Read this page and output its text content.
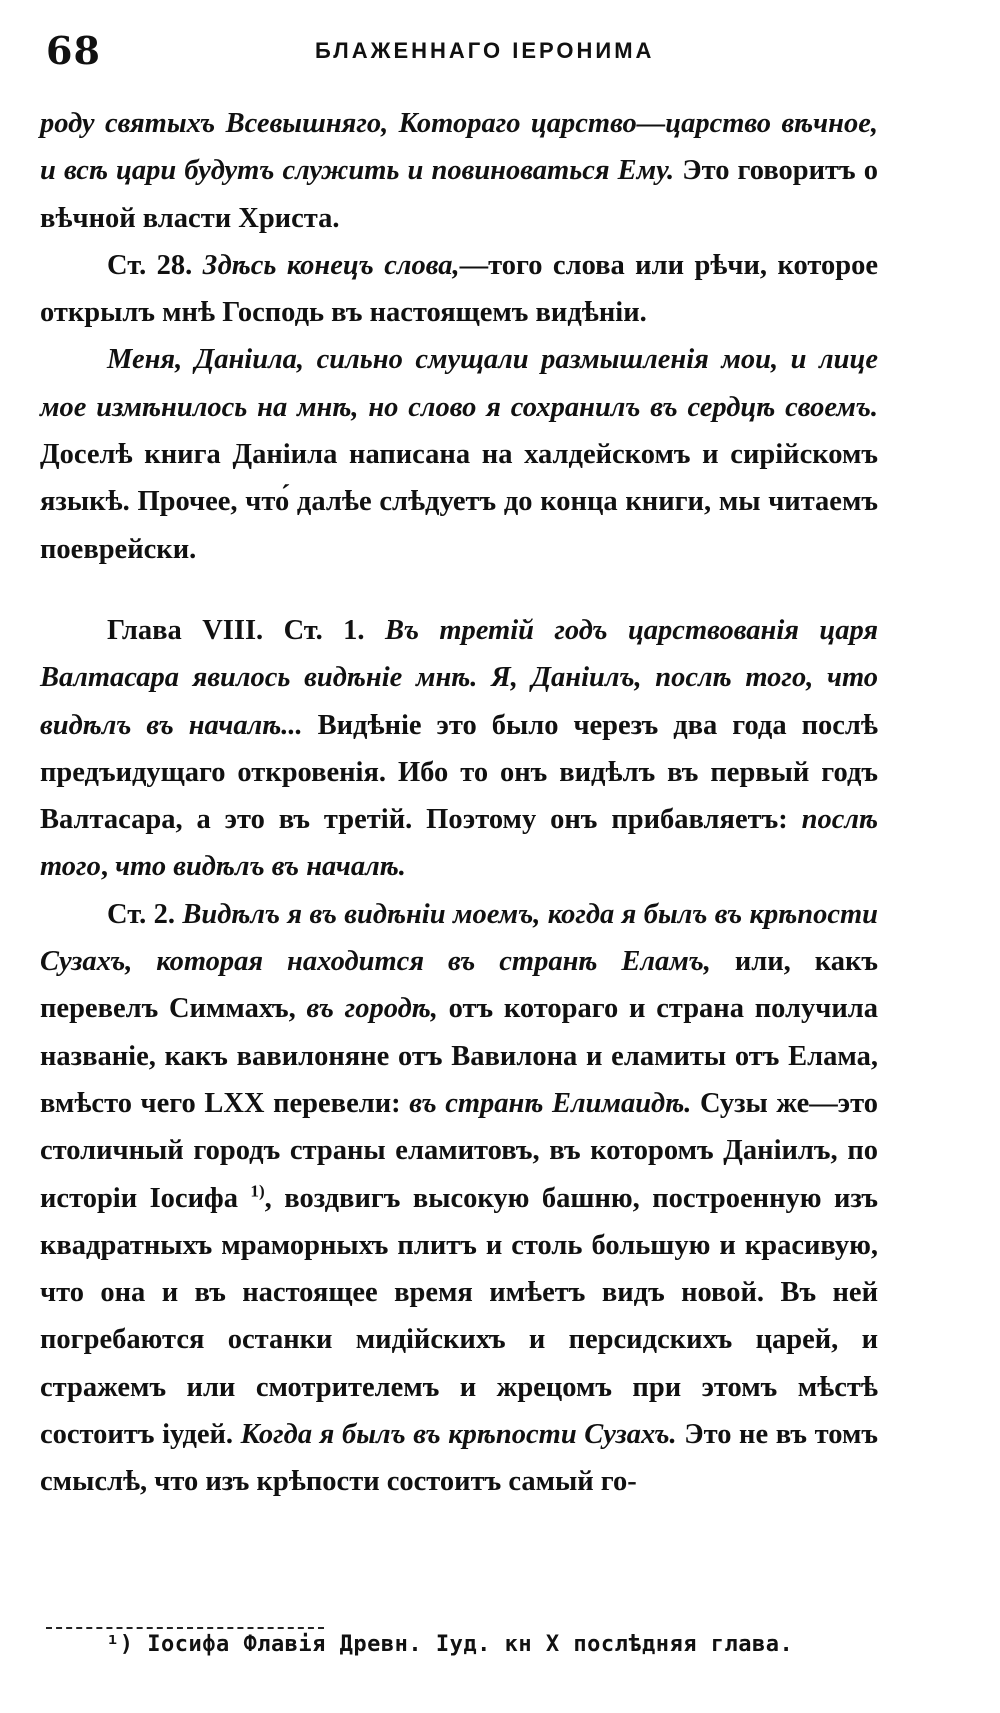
68	БЛАЖЕННАГО ІЕРОНИМА

роду святыхъ Всевышняго, Котораго царство—царство вѣчное, и всѣ цари будутъ служить и повиноваться Ему. Это говоритъ о вѣчной власти Христа.

Ст. 28. Здѣсь конецъ слова,—того слова или рѣчи, которое открылъ мнѣ Господь въ настоящемъ видѣніи.

Меня, Даніила, сильно смущали размышленія мои, и лице мое измѣнилось на мнѣ, но слово я сохранилъ въ сердцѣ своемъ. Доселѣ книга Даніила написана на халдейскомъ и сирійскомъ языкѣ. Прочее, что́ далѣе слѣдуетъ до конца книги, мы читаемъ поеврейски.

Глава VIII. Ст. 1. Въ третій годъ царствованія царя Валтасара явилось видѣніе мнѣ. Я, Даніилъ, послѣ того, что видѣлъ въ началѣ... Видѣніе это было черезъ два года послѣ предъидущаго откровенія. Ибо то онъ видѣлъ въ первый годъ Валтасара, а это въ третій. Поэтому онъ прибавляетъ: послѣ того, что видѣлъ въ началѣ.

Ст. 2. Видѣлъ я въ видѣніи моемъ, когда я былъ въ крѣпости Сузахъ, которая находится въ странѣ Еламъ, или, какъ перевелъ Симмахъ, въ городѣ, отъ котораго и страна получила названіе, какъ вавилоняне отъ Вавилона и еламиты отъ Елама, вмѣсто чего LXX перевели: въ странѣ Елимаидѣ. Сузы же—это столичный городъ страны еламитовъ, въ которомъ Даніилъ, по исторіи Іосифа $^{1)}$, воздвигъ высокую башню, построенную изъ квадратныхъ мраморныхъ плитъ и столь большую и красивую, что она и въ настоящее время имѣетъ видъ новой. Въ ней погребаются останки мидійскихъ и персидскихъ царей, и стражемъ или смотрителемъ и жрецомъ при этомъ мѣстѣ состоитъ іудей. Когда я былъ въ крѣпости Сузахъ. Это не въ томъ смыслѣ, что изъ крѣпости состоитъ самый го-

¹) Іосифа Флавія Древн. Іуд. кн X послѣдняя глава.
